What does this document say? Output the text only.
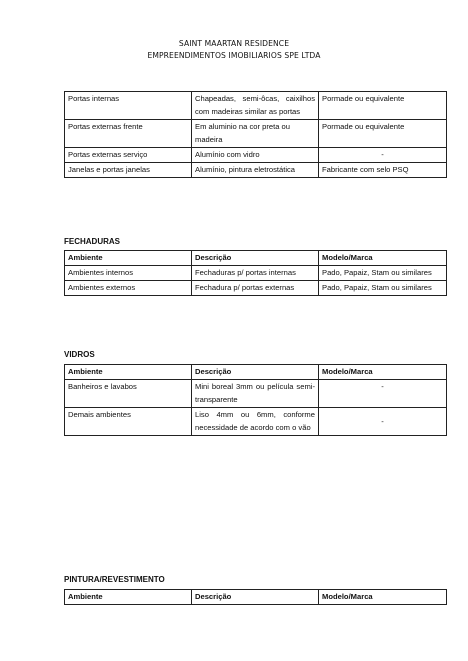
SAINT MAARTAN RESIDENCE
EMPREENDIMENTOS IMOBILIARIOS SPE LTDA
Portas internas	Chapeadas, semi-ôcas, caixilhos com madeiras similar as portas	Pormade ou equivalente
Portas externas frente	Em aluminio na cor preta ou madeira	Pormade ou equivalente
Portas externas serviço	Alumínio com vidro	-
Janelas e portas janelas	Alumínio, pintura eletrostática	Fabricante com selo PSQ
FECHADURAS
Ambiente	Descrição	Modelo/Marca
Ambientes internos	Fechaduras p/ portas internas	Pado, Papaiz, Stam ou similares
Ambientes externos	Fechadura p/ portas externas	Pado, Papaiz, Stam ou similares
VIDROS
Ambiente	Descrição	Modelo/Marca
Banheiros e lavabos	Mini boreal 3mm ou película semi-transparente	-
Demais ambientes	Liso 4mm ou 6mm, conforme necessidade de acordo com o vão	-
PINTURA/REVESTIMENTO
Ambiente	Descrição	Modelo/Marca
